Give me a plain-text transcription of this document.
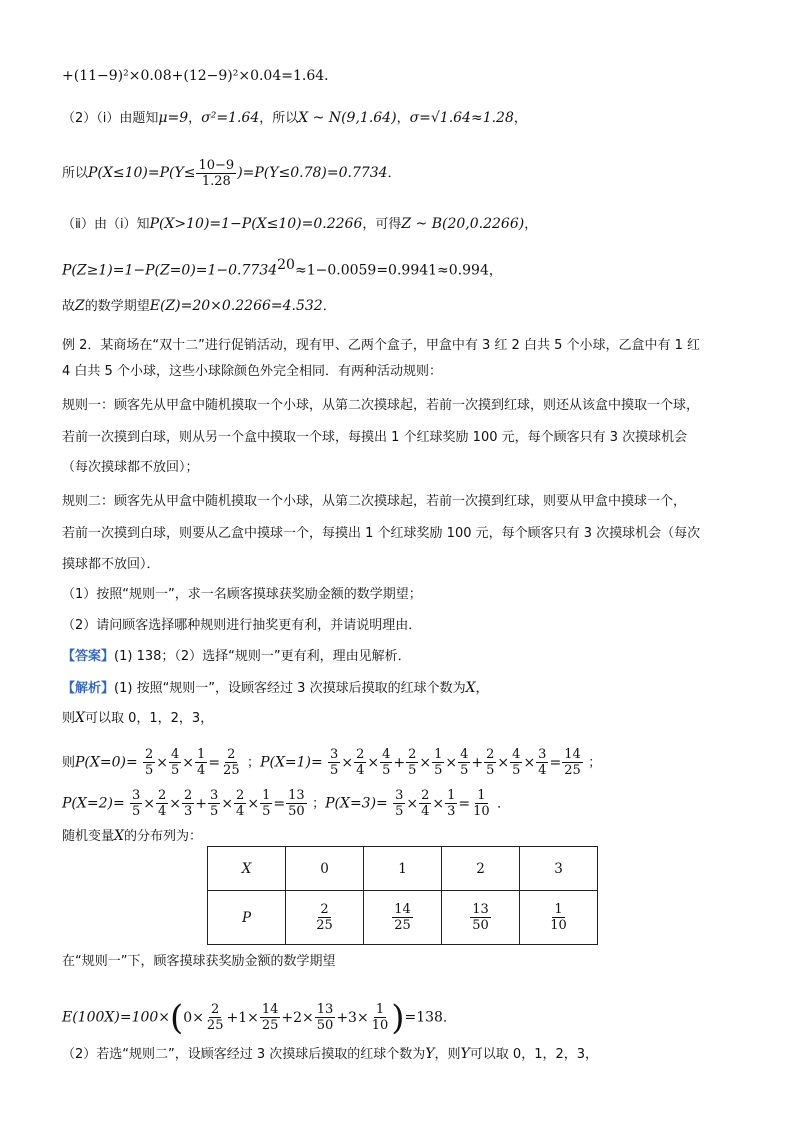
+(11−9)²×0.08+(12−9)²×0.04=1.64．
（2）（ⅰ）由题知μ=9，σ²=1.64，所以X ~ N(9,1.64)，σ=√1.64≈1.28，
所以$P(X\le 10)=P(Y\le \frac{10-9}{1.28} )=P(Y\le 0.78)=0.7734$．
（ⅱ）由（ⅰ）知P(X>10)=1−P(X≤10)=0.2266，可得Z ~ B(20,0.2266)，
$P(Z\ge 1)=1-P(Z=0)=1-0.7734^{20}\approx 1-0.0059=0.9941\approx 0.994$，
故Z的数学期望E(Z)=20×0.2266=4.532．
例 2．某商场在“双十二”进行促销活动，现有甲、乙两个盒子，甲盒中有 3 红 2 白共 5 个小球，乙盒中有 1 红
4 白共 5 个小球，这些小球除颜色外完全相同．有两种活动规则：
规则一：顾客先从甲盒中随机摸取一个小球，从第二次摸球起，若前一次摸到红球，则还从该盒中摸取一个球，
若前一次摸到白球，则从另一个盒中摸取一个球，每摸出 1 个红球奖励 100 元，每个顾客只有 3 次摸球机会
（每次摸球都不放回）；
规则二：顾客先从甲盒中随机摸取一个小球，从第二次摸球起，若前一次摸到红球，则要从甲盒中摸球一个，
若前一次摸到白球，则要从乙盒中摸球一个，每摸出 1 个红球奖励 100 元，每个顾客只有 3 次摸球机会（每次
摸球都不放回）．
（1）按照“规则一”，求一名顾客摸球获奖励金额的数学期望；
（2）请问顾客选择哪种规则进行抽奖更有利，并请说明理由．
【答案】(1) 138；（2）选择“规则一”更有利，理由见解析．
【解析】(1) 按照“规则一”，设顾客经过 3 次摸球后摸取的红球个数为X，
则X可以取 0，1，2，3，
则$P(X=0)= \frac{2}{5} \times \frac{4}{5} \times \frac{1}{4} = \frac{2}{25}$ ；$P(X=1)= \frac{3}{5} \times \frac{2}{4} \times \frac{4}{5} + \frac{2}{5} \times \frac{1}{5} \times \frac{4}{5} + \frac{2}{5} \times \frac{4}{5} \times \frac{3}{4} = \frac{14}{25}$ ；
$P(X=2)= \frac{3}{5} \times \frac{2}{4} \times \frac{2}{3} + \frac{3}{5} \times \frac{2}{4} \times \frac{1}{5} = \frac{13}{50}$ ；$P(X=3)= \frac{3}{5} \times \frac{2}{4} \times \frac{1}{3} = \frac{1}{10}$ ．
随机变量X的分布列为：
X	0	1	2	3
P	$\frac{2}{25}$	$\frac{14}{25}$	$\frac{13}{50}$	$\frac{1}{10}$
在“规则一”下，顾客摸球获奖励金额的数学期望
$E(100X)=100\times(0\times \frac{2}{25} +1\times \frac{14}{25} +2\times \frac{13}{50} +3\times \frac{1}{10} )=138$．
（2）若选“规则二”，设顾客经过 3 次摸球后摸取的红球个数为Y，则Y可以取 0，1，2，3，
